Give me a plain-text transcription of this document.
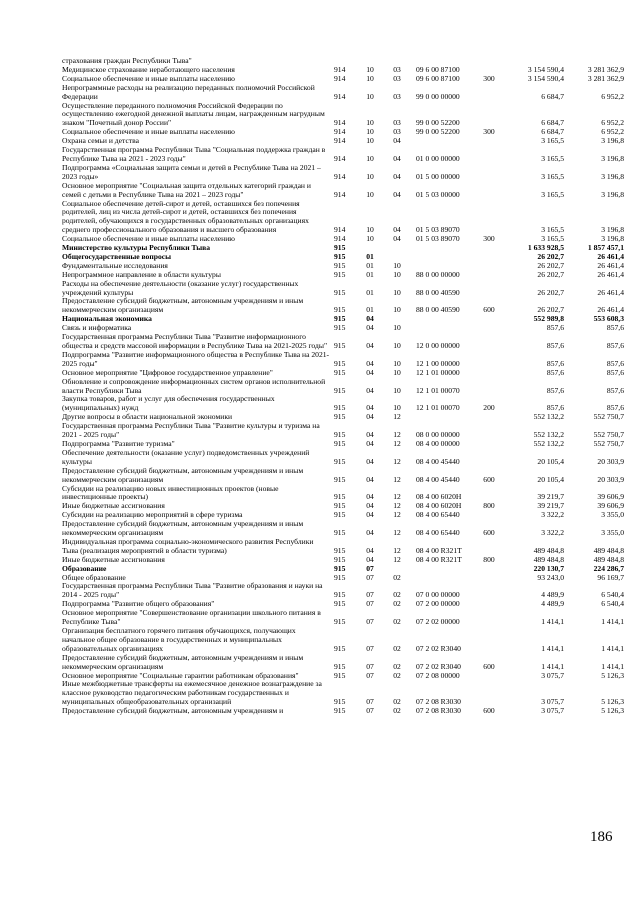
страхования граждан Республики Тыва"							
Медицинское страхование неработающего населения	914	10	03	09 6 00 87100		3 154 590,4	3 281 362,9
Социальное обеспечение и иные выплаты населению	914	10	03	09 6 00 87100	300	3 154 590,4	3 281 362,9
Непрограммные расходы на реализацию переданных полномочий Российской Федерации	914	10	03	99 0 00 00000		6 684,7	6 952,2
Осуществление переданного полномочия Российской Федерации по осуществлению ежегодной денежной выплаты лицам, награжденным нагрудным знаком "Почетный донор России"	914	10	03	99 0 00 52200		6 684,7	6 952,2
Социальное обеспечение и иные выплаты населению	914	10	03	99 0 00 52200	300	6 684,7	6 952,2
Охрана семьи и детства	914	10	04			3 165,5	3 196,8
Государственная программа Республики Тыва "Социальная поддержка граждан в Республике Тыва на 2021 - 2023 годы"	914	10	04	01 0 00 00000		3 165,5	3 196,8
Подпрограмма «Социальная защита семьи и детей в Республике Тыва на 2021 – 2023 годы»	914	10	04	01 5 00 00000		3 165,5	3 196,8
Основное мероприятие "Социальная защита отдельных категорий граждан и семей с детьми в Республике Тыва на 2021 – 2023 годы"	914	10	04	01 5 03 00000		3 165,5	3 196,8
Социальное обеспечение детей-сирот и детей, оставшихся без попечения родителей, лиц из числа детей-сирот и детей, оставшихся без попечения родителей, обучающихся в государственных образовательных организациях среднего профессионального образования и высшего образования	914	10	04	01 5 03 89070		3 165,5	3 196,8
Социальное обеспечение и иные выплаты населению	914	10	04	01 5 03 89070	300	3 165,5	3 196,8
Министерство культуры Республики Тыва	915					1 633 928,5	1 857 457,1
Общегосударственные вопросы	915	01				26 202,7	26 461,4
Фундаментальные исследования	915	01	10			26 202,7	26 461,4
Непрограммное направление в области культуры	915	01	10	88 0 00 00000		26 202,7	26 461,4
Расходы на обеспечение деятельности (оказание услуг) государственных учреждений культуры	915	01	10	88 0 00 40590		26 202,7	26 461,4
Предоставление субсидий бюджетным, автономным учреждениям и иным некоммерческим организациям	915	01	10	88 0 00 40590	600	26 202,7	26 461,4
Национальная экономика	915	04				552 989,8	553 608,3
Связь и информатика	915	04	10			857,6	857,6
Государственная программа Республики Тыва "Развитие информационного общества и средств массовой информации в Республике Тыва на 2021-2025 годы"	915	04	10	12 0 00 00000		857,6	857,6
Подпрограмма "Развитие информационного общества в Республике Тыва на 2021-2025 годы"	915	04	10	12 1 00 00000		857,6	857,6
Основное мероприятие "Цифровое государственное управление"	915	04	10	12 1 01 00000		857,6	857,6
Обновление и сопровождение информационных систем органов исполнительной власти Республики Тыва	915	04	10	12 1 01 00070		857,6	857,6
Закупка товаров, работ и услуг для обеспечения государственных (муниципальных) нужд	915	04	10	12 1 01 00070	200	857,6	857,6
Другие вопросы в области национальной экономики	915	04	12			552 132,2	552 750,7
Государственная программа Республики Тыва "Развитие культуры и туризма на 2021 - 2025 годы"	915	04	12	08 0 00 00000		552 132,2	552 750,7
Подпрограмма "Развитие туризма"	915	04	12	08 4 00 00000		552 132,2	552 750,7
Обеспечение деятельности (оказание услуг) подведомственных учреждений культуры	915	04	12	08 4 00 45440		20 105,4	20 303,9
Предоставление субсидий бюджетным, автономным учреждениям и иным некоммерческим организациям	915	04	12	08 4 00 45440	600	20 105,4	20 303,9
Субсидии на реализацию новых инвестиционных проектов (новые инвестиционные проекты)	915	04	12	08 4 00 6020Н		39 219,7	39 606,9
Иные бюджетные ассигнования	915	04	12	08 4 00 6020Н	800	39 219,7	39 606,9
Субсидии на реализацию мероприятий в сфере туризма	915	04	12	08 4 00 65440		3 322,2	3 355,0
Предоставление субсидий бюджетным, автономным учреждениям и иным некоммерческим организациям	915	04	12	08 4 00 65440	600	3 322,2	3 355,0
Индивидуальная программа социально-экономического развития Республики Тыва (реализация мероприятий в области туризма)	915	04	12	08 4 00 R321Т		489 484,8	489 484,8
Иные бюджетные ассигнования	915	04	12	08 4 00 R321Т	800	489 484,8	489 484,8
Образование	915	07				220 130,7	224 286,7
Общее образование	915	07	02			93 243,0	96 169,7
Государственная программа Республики Тыва "Развитие образования и науки на 2014 - 2025 годы"	915	07	02	07 0 00 00000		4 489,9	6 540,4
Подпрограмма "Развитие общего образования"	915	07	02	07 2 00 00000		4 489,9	6 540,4
Основное мероприятие "Совершенствование организации школьного питания в Республике Тыва"	915	07	02	07 2 02 00000		1 414,1	1 414,1
Организация бесплатного горячего питания обучающихся, получающих начальное общее образование в государственных и муниципальных образовательных организациях	915	07	02	07 2 02 R3040		1 414,1	1 414,1
Предоставление субсидий бюджетным, автономным учреждениям и иным некоммерческим организациям	915	07	02	07 2 02 R3040	600	1 414,1	1 414,1
Основное мероприятие "Социальные гарантии работникам образования"	915	07	02	07 2 08 00000		3 075,7	5 126,3
Иные межбюджетные трансферты на ежемесячное денежное вознаграждение за классное руководство педагогическим работникам государственных и муниципальных общеобразовательных организаций	915	07	02	07 2 08 R3030		3 075,7	5 126,3
Предоставление субсидий бюджетным, автономным учреждениям и	915	07	02	07 2 08 R3030	600	3 075,7	5 126,3
186
